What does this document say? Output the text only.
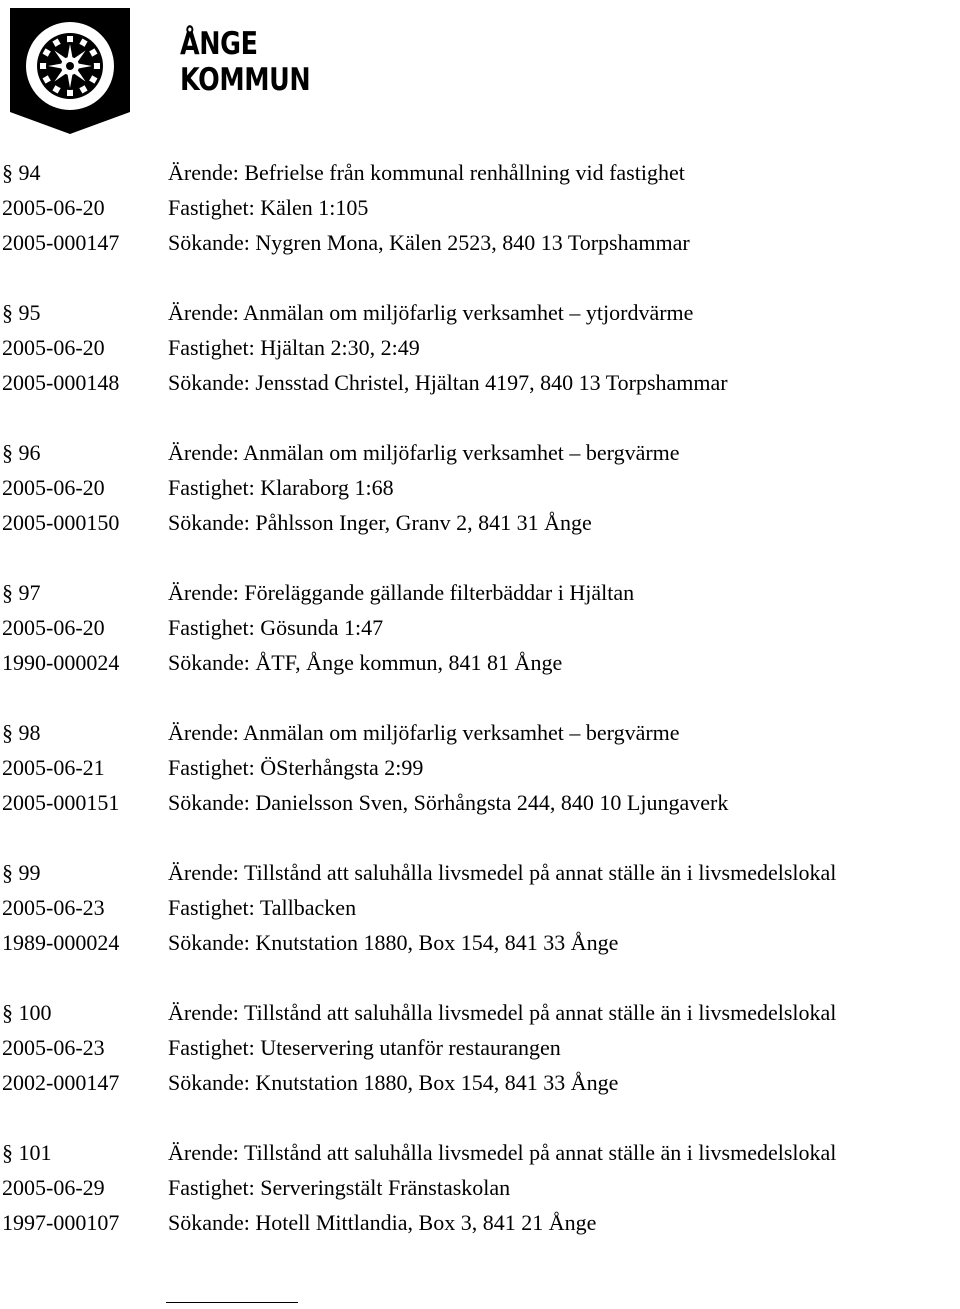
ÅNGE
KOMMUN
§ 94	Ärende: Befrielse från kommunal renhållning vid fastighet
2005-06-20	Fastighet: Kälen 1:105
2005-000147 Sökande: Nygren Mona, Kälen 2523, 840 13 Torpshammar
§ 95	Ärende: Anmälan om miljöfarlig verksamhet – ytjordvärme
2005-06-20	Fastighet: Hjältan 2:30, 2:49
2005-000148 Sökande: Jensstad Christel, Hjältan 4197, 840 13 Torpshammar
§ 96	Ärende: Anmälan om miljöfarlig verksamhet – bergvärme
2005-06-20	Fastighet: Klaraborg 1:68
2005-000150 Sökande: Påhlsson Inger, Granv 2, 841 31 Ånge
§ 97	Ärende: Föreläggande gällande filterbäddar i Hjältan
2005-06-20	Fastighet: Gösunda 1:47
1990-000024 Sökande: ÅTF, Ånge kommun, 841 81 Ånge
§ 98	Ärende: Anmälan om miljöfarlig verksamhet – bergvärme
2005-06-21	Fastighet: ÖSterhångsta 2:99
2005-000151 Sökande: Danielsson Sven, Sörhångsta 244, 840 10 Ljungaverk
§ 99	Ärende: Tillstånd att saluhålla livsmedel på annat ställe än i livsmedelslokal
2005-06-23	Fastighet: Tallbacken
1989-000024 Sökande: Knutstation 1880, Box 154, 841 33 Ånge
§ 100	Ärende: Tillstånd att saluhålla livsmedel på annat ställe än i livsmedelslokal
2005-06-23	Fastighet: Uteservering utanför restaurangen
2002-000147 Sökande: Knutstation 1880, Box 154, 841 33 Ånge
§ 101	Ärende: Tillstånd att saluhålla livsmedel på annat ställe än i livsmedelslokal
2005-06-29	Fastighet: Serveringstält Fränstaskolan
1997-000107 Sökande: Hotell Mittlandia, Box 3, 841 21 Ånge
